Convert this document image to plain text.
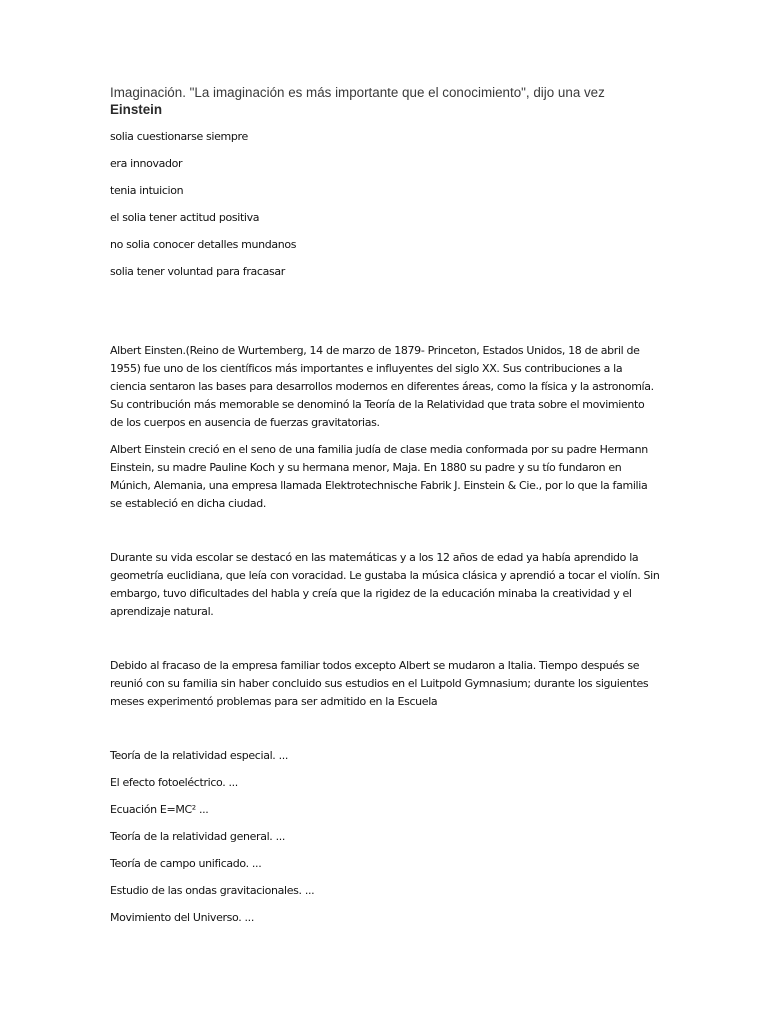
Imaginación. "La imaginación es más importante que el conocimiento", dijo una vez Einstein

solia cuestionarse siempre

era innovador

tenia intuicion

el solia tener actitud positiva

no solia conocer detalles mundanos

solia tener voluntad para fracasar

Albert Einsten.(Reino de Wurtemberg, 14 de marzo de 1879- Princeton, Estados Unidos, 18 de abril de 1955) fue uno de los científicos más importantes e influyentes del siglo XX. Sus contribuciones a la ciencia sentaron las bases para desarrollos modernos en diferentes áreas, como la física y la astronomía. Su contribución más memorable se denominó la Teoría de la Relatividad que trata sobre el movimiento de los cuerpos en ausencia de fuerzas gravitatorias.

Albert Einstein creció en el seno de una familia judía de clase media conformada por su padre Hermann Einstein, su madre Pauline Koch y su hermana menor, Maja. En 1880 su padre y su tío fundaron en Múnich, Alemania, una empresa llamada Elektrotechnische Fabrik J. Einstein & Cie., por lo que la familia se estableció en dicha ciudad.

Durante su vida escolar se destacó en las matemáticas y a los 12 años de edad ya había aprendido la geometría euclidiana, que leía con voracidad. Le gustaba la música clásica y aprendió a tocar el violín. Sin embargo, tuvo dificultades del habla y creía que la rigidez de la educación minaba la creatividad y el aprendizaje natural.

Debido al fracaso de la empresa familiar todos excepto Albert se mudaron a Italia. Tiempo después se reunió con su familia sin haber concluido sus estudios en el Luitpold Gymnasium; durante los siguientes meses experimentó problemas para ser admitido en la Escuela

Teoría de la relatividad especial. ...

El efecto fotoeléctrico. ...

Ecuación E=MC² ...

Teoría de la relatividad general. ...

Teoría de campo unificado. ...

Estudio de las ondas gravitacionales. ...

Movimiento del Universo. ...
